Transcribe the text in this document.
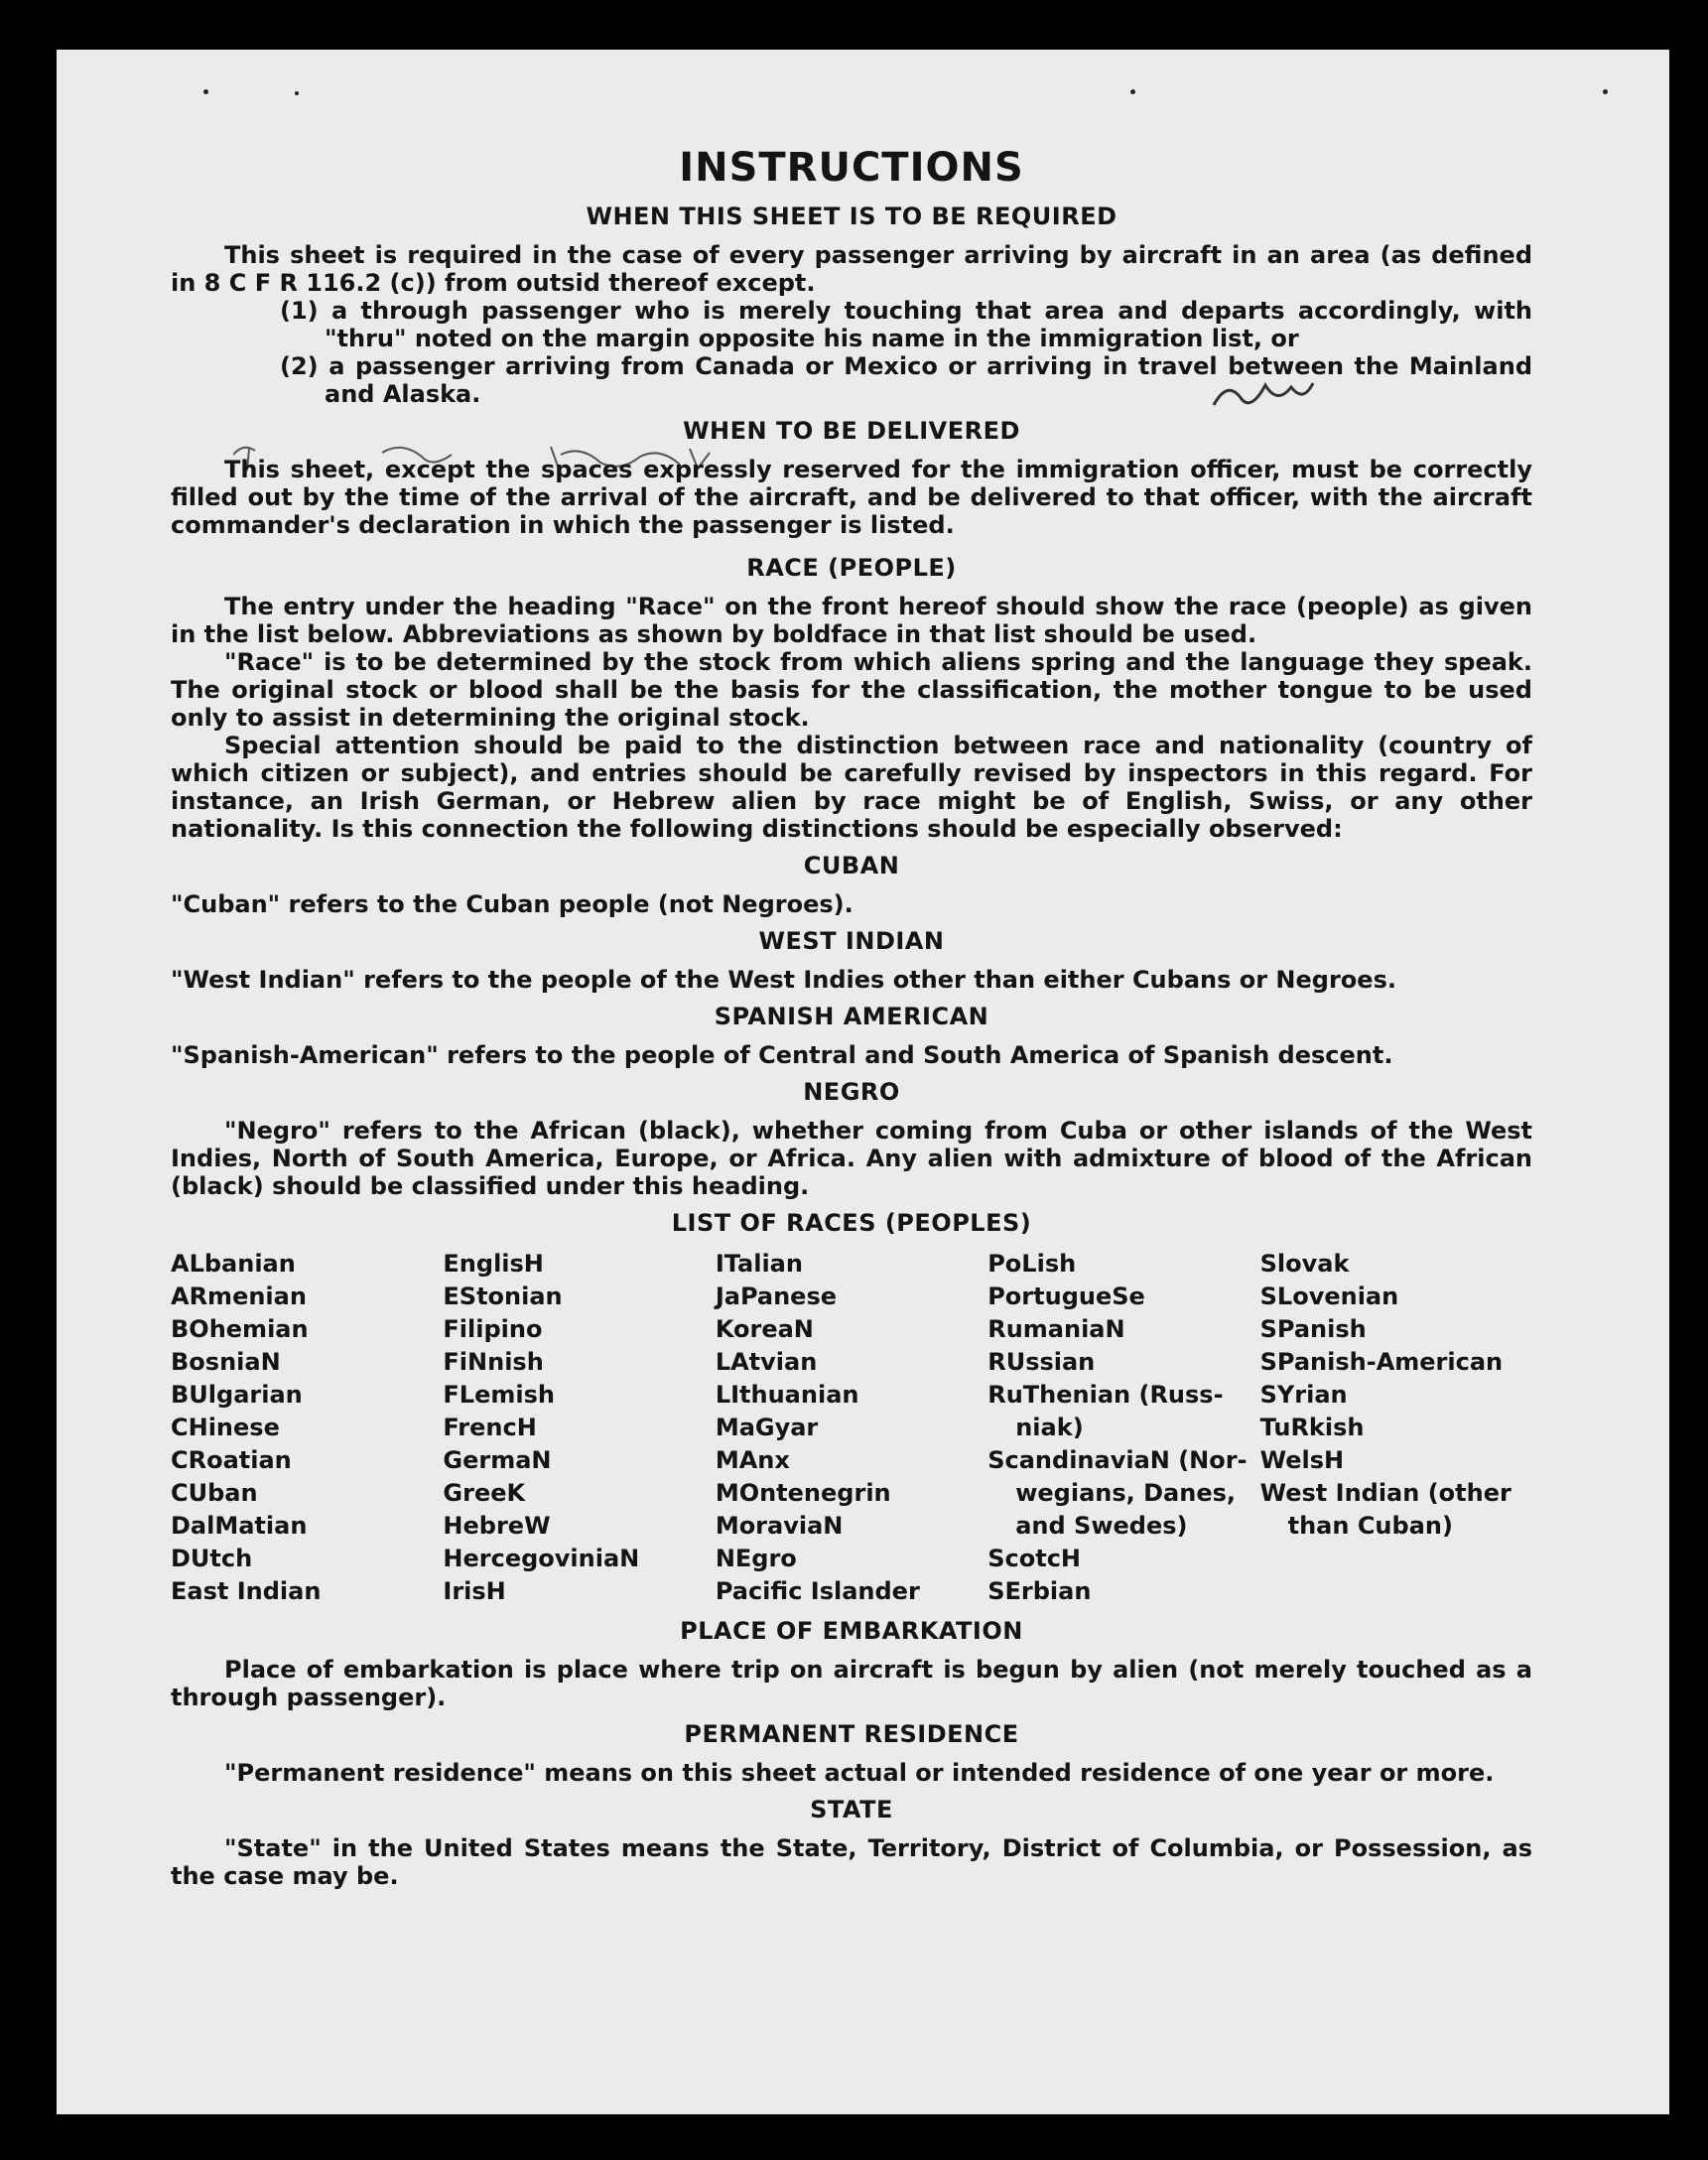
INSTRUCTIONS
WHEN THIS SHEET IS TO BE REQUIRED

This sheet is required in the case of every passenger arriving by aircraft in an area (as defined in 8 C F R 116.2 (c)) from outsid thereof except.

(1) a through passenger who is merely touching that area and departs accordingly, with "thru" noted on the margin opposite his name in the immigration list, or
(2) a passenger arriving from Canada or Mexico or arriving in travel between the Mainland and Alaska.
WHEN TO BE DELIVERED

This sheet, except the spaces expressly reserved for the immigration officer, must be correctly filled out by the time of the arrival of the aircraft, and be delivered to that officer, with the aircraft commander's declaration in which the passenger is listed.

RACE (PEOPLE)

The entry under the heading "Race" on the front hereof should show the race (people) as given in the list below. Abbreviations as shown by boldface in that list should be used.

"Race" is to be determined by the stock from which aliens spring and the language they speak. The original stock or blood shall be the basis for the classification, the mother tongue to be used only to assist in determining the original stock.

Special attention should be paid to the distinction between race and nationality (country of which citizen or subject), and entries should be carefully revised by inspectors in this regard. For instance, an Irish German, or Hebrew alien by race might be of English, Swiss, or any other nationality. Is this connection the following distinctions should be especially observed:

CUBAN

"Cuban" refers to the Cuban people (not Negroes).

WEST INDIAN

"West Indian" refers to the people of the West Indies other than either Cubans or Negroes.

SPANISH AMERICAN

"Spanish-American" refers to the people of Central and South America of Spanish descent.

NEGRO

"Negro" refers to the African (black), whether coming from Cuba or other islands of the West Indies, North of South America, Europe, or Africa. Any alien with admixture of blood of the African (black) should be classified under this heading.

LIST OF RACES (PEOPLES)
ALbanian
ARmenian
BOhemian
BosniaN
BUlgarian
CHinese
CRoatian
CUban
DalMatian
DUtch
East Indian
EnglisH
EStonian
Filipino
FiNnish
FLemish
FrencH
GermaN
GreeK
HebreW
HercegoviniaN
IrisH
ITalian
JaPanese
KoreaN
LAtvian
LIthuanian
MaGyar
MAnx
MOntenegrin
MoraviaN
NEgro
Pacific Islander
PoLish
PortugueSe
RumaniaN
RUssian
RuThenian (Russ-
niak)
ScandinaviaN (Nor-
wegians, Danes,
and Swedes)
ScotcH
SErbian
Slovak
SLovenian
SPanish
SPanish-American
SYrian
TuRkish
WelsH
West Indian (other
than Cuban)
PLACE OF EMBARKATION

Place of embarkation is place where trip on aircraft is begun by alien (not merely touched as a through passenger).

PERMANENT RESIDENCE

"Permanent residence" means on this sheet actual or intended residence of one year or more.

STATE

"State" in the United States means the State, Territory, District of Columbia, or Possession, as the case may be.
